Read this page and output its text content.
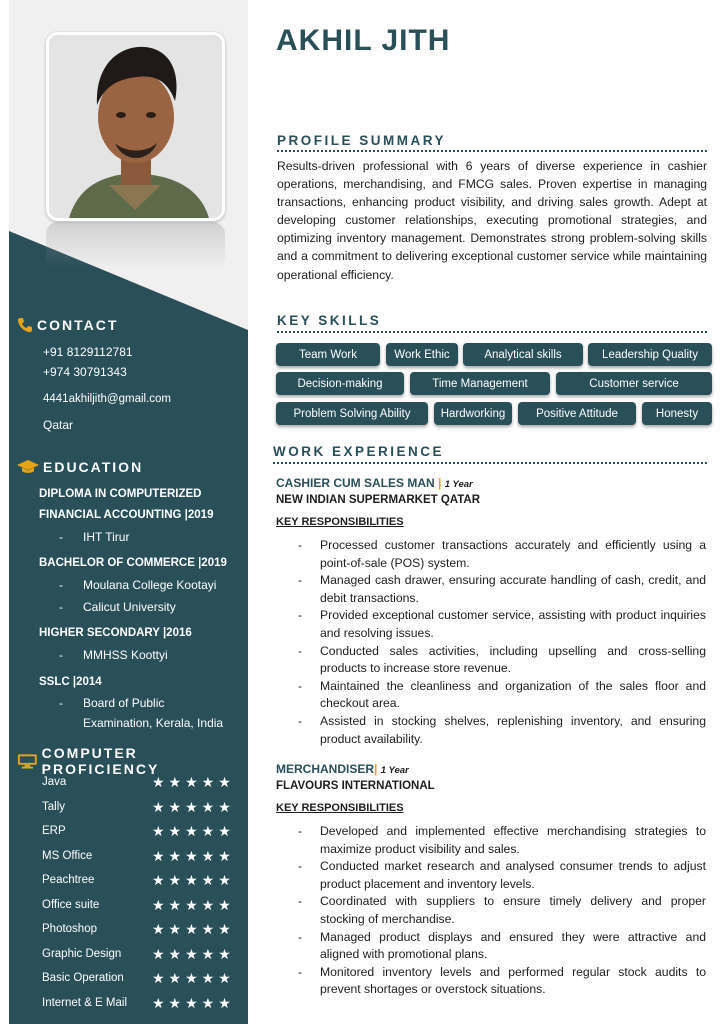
CONTACT
+91 8129112781
+974 30791343
4441akhiljith@gmail.com
Qatar
EDUCATION
DIPLOMA IN COMPUTERIZED
FINANCIAL ACCOUNTING |2019
- IHT Tirur
BACHELOR OF COMMERCE |2019
- Moulana College Kootayi
- Calicut University
HIGHER SECONDARY |2016
- MMHSS Koottyi
SSLC |2014
- Board of Public
Examination, Kerala, India
COMPUTER PROFICIENCY
Java	★★★★★
Tally	★★★★★
ERP	★★★★★
MS Office	★★★★★
Peachtree	★★★★★
Office suite	★★★★★
Photoshop	★★★★★
Graphic Design ★★★★★
Basic Operation ★★★★★
Internet & E Mail ★★★★★
AKHIL JITH
PROFILE SUMMARY
Results-driven professional with 6 years of diverse experience in cashier operations, merchandising, and FMCG sales. Proven expertise in managing transactions, enhancing product visibility, and driving sales growth. Adept at developing customer relationships, executing promotional strategies, and optimizing inventory management. Demonstrates strong problem-solving skills and a commitment to delivering exceptional customer service while maintaining operational efficiency.
KEY SKILLS
Team Work	Work Ethic	Analytical skills	Leadership Quality
Decision-making	Time Management	Customer service
Problem Solving Ability	Hardworking	Positive Attitude	Honesty
WORK EXPERIENCE
CASHIER CUM SALES MAN | 1 Year
NEW INDIAN SUPERMARKET QATAR
KEY RESPONSIBILITIES
- Processed customer transactions accurately and efficiently using a point-of-sale (POS) system.
- Managed cash drawer, ensuring accurate handling of cash, credit, and debit transactions.
- Provided exceptional customer service, assisting with product inquiries and resolving issues.
- Conducted sales activities, including upselling and cross-selling products to increase store revenue.
- Maintained the cleanliness and organization of the sales floor and checkout area.
- Assisted in stocking shelves, replenishing inventory, and ensuring product availability.
MERCHANDISER| 1 Year
FLAVOURS INTERNATIONAL
KEY RESPONSIBILITIES
- Developed and implemented effective merchandising strategies to maximize product visibility and sales.
- Conducted market research and analysed consumer trends to adjust product placement and inventory levels.
- Coordinated with suppliers to ensure timely delivery and proper stocking of merchandise.
- Managed product displays and ensured they were attractive and aligned with promotional plans.
- Monitored inventory levels and performed regular stock audits to prevent shortages or overstock situations.
